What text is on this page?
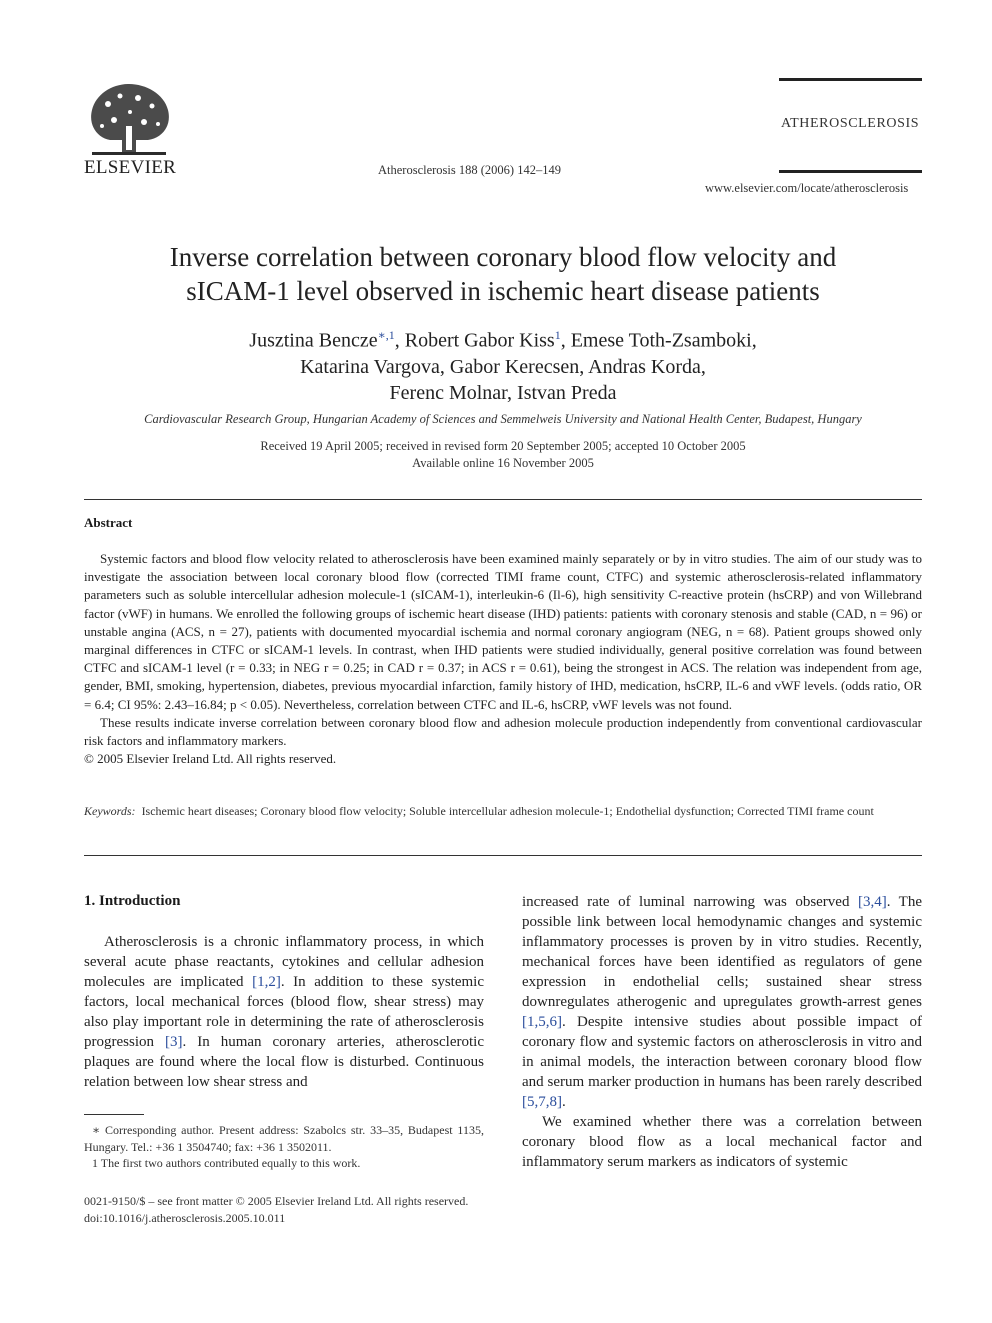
ELSEVIER	Atherosclerosis 188 (2006) 142–149
ATHEROSCLEROSIS
www.elsevier.com/locate/atherosclerosis
Inverse correlation between coronary blood flow velocity and
sICAM-1 level observed in ischemic heart disease patients
Jusztina Bencze$^{∗,1}$, Robert Gabor Kiss$^1$, Emese Toth-Zsamboki,
Katarina Vargova, Gabor Kerecsen, Andras Korda,
Ferenc Molnar, Istvan Preda
Cardiovascular Research Group, Hungarian Academy of Sciences and Semmelweis University and National Health Center, Budapest, Hungary
Received 19 April 2005; received in revised form 20 September 2005; accepted 10 October 2005
Available online 16 November 2005
Abstract

Systemic factors and blood flow velocity related to atherosclerosis have been examined mainly separately or by in vitro studies. The aim of our study was to investigate the association between local coronary blood flow (corrected TIMI frame count, CTFC) and systemic atherosclerosis-related inflammatory parameters such as soluble intercellular adhesion molecule-1 (sICAM-1), interleukin-6 (Il-6), high sensitivity C-reactive protein (hsCRP) and von Willebrand factor (vWF) in humans. We enrolled the following groups of ischemic heart disease (IHD) patients: patients with coronary stenosis and stable (CAD, n = 96) or unstable angina (ACS, n = 27), patients with documented myocardial ischemia and normal coronary angiogram (NEG, n = 68). Patient groups showed only marginal differences in CTFC or sICAM-1 levels. In contrast, when IHD patients were studied individually, general positive correlation was found between CTFC and sICAM-1 level (r = 0.33; in NEG r = 0.25; in CAD r = 0.37; in ACS r = 0.61), being the strongest in ACS. The relation was independent from age, gender, BMI, smoking, hypertension, diabetes, previous myocardial infarction, family history of IHD, medication, hsCRP, IL-6 and vWF levels. (odds ratio, OR = 6.4; CI 95%: 2.43–16.84; p < 0.05). Nevertheless, correlation between CTFC and IL-6, hsCRP, vWF levels was not found.

These results indicate inverse correlation between coronary blood flow and adhesion molecule production independently from conventional cardiovascular risk factors and inflammatory markers.

© 2005 Elsevier Ireland Ltd. All rights reserved.

Keywords: Ischemic heart diseases; Coronary blood flow velocity; Soluble intercellular adhesion molecule-1; Endothelial dysfunction; Corrected TIMI frame count
1. Introduction

Atherosclerosis is a chronic inflammatory process, in which several acute phase reactants, cytokines and cellular adhesion molecules are implicated [1,2]. In addition to these systemic factors, local mechanical forces (blood flow, shear stress) may also play important role in determining the rate of atherosclerosis progression [3]. In human coronary arteries, atherosclerotic plaques are found where the local flow is disturbed. Continuous relation between low shear stress and

increased rate of luminal narrowing was observed [3,4]. The possible link between local hemodynamic changes and systemic inflammatory processes is proven by in vitro studies. Recently, mechanical forces have been identified as regulators of gene expression in endothelial cells; sustained shear stress downregulates atherogenic and upregulates growth-arrest genes [1,5,6]. Despite intensive studies about possible impact of coronary flow and systemic factors on atherosclerosis in vitro and in animal models, the interaction between coronary blood flow and serum marker production in humans has been rarely described [5,7,8].

We examined whether there was a correlation between coronary blood flow as a local mechanical factor and inflammatory serum markers as indicators of systemic

∗ Corresponding author. Present address: Szabolcs str. 33–35, Budapest 1135, Hungary. Tel.: +36 1 3504740; fax: +36 1 3502011.

1 The first two authors contributed equally to this work.

0021-9150/$ – see front matter © 2005 Elsevier Ireland Ltd. All rights reserved.
doi:10.1016/j.atherosclerosis.2005.10.011
